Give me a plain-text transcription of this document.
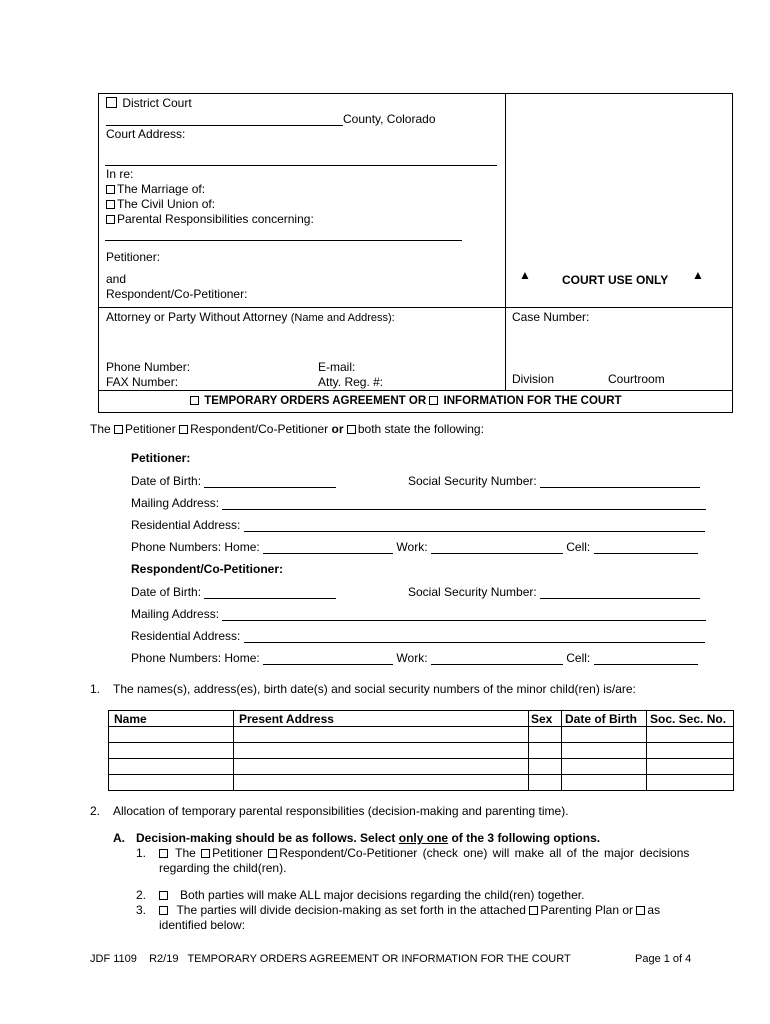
District Court
County, Colorado
Court Address:
In re:
The Marriage of:
The Civil Union of:
Parental Responsibilities concerning:
Petitioner:
and
Respondent/Co-Petitioner:
▲	COURT USE ONLY ▲
Attorney or Party Without Attorney (Name and Address):	Case Number:
Phone Number:	E-mail:
FAX Number:	Atty. Reg. #:	Division	Courtroom
TEMPORARY ORDERS AGREEMENT OR INFORMATION FOR THE COURT
The Petitioner Respondent/Co-Petitioner or both state the following:
Petitioner:
Date of Birth:	Social Security Number:
Mailing Address:
Residential Address:
Phone Numbers: Home:	Work:	Cell:
Respondent/Co-Petitioner:
Date of Birth:	Social Security Number:
Mailing Address:
Residential Address:
Phone Numbers: Home:	Work:	Cell:
1. The names(s), address(es), birth date(s) and social security numbers of the minor child(ren) is/are:
Name	Present Address	Sex	Date of Birth	Soc. Sec. No.

2. Allocation of temporary parental responsibilities (decision-making and parenting time).
A. Decision-making should be as follows. Select only one of the 3 following options.
1.	The Petitioner Respondent/Co-Petitioner (check one) will make all of the major decisions
regarding the child(ren).
2.	Both parties will make ALL major decisions regarding the child(ren) together.
3.	The parties will divide decision-making as set forth in the attached Parenting Plan or as
identified below:
JDF 1109 R2/19 TEMPORARY ORDERS AGREEMENT OR INFORMATION FOR THE COURT	Page 1 of 4
